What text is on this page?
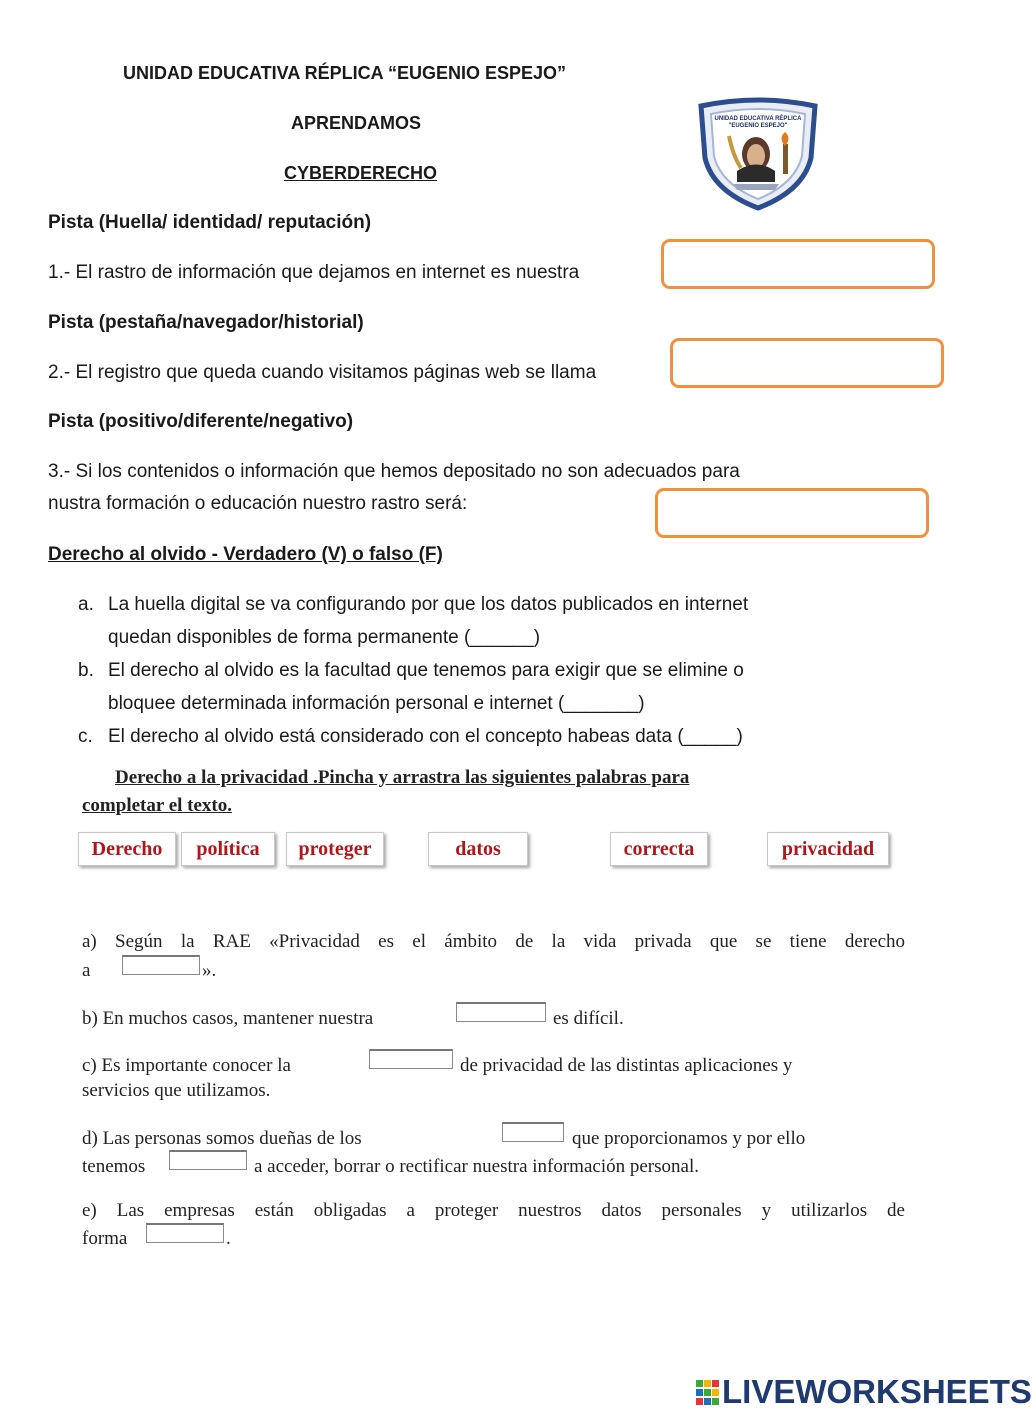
UNIDAD EDUCATIVA RÉPLICA “EUGENIO ESPEJO”
APRENDAMOS
CYBERDERECHO
UNIDAD EDUCATIVA RÉPLICA
"EUGENIO ESPEJO"
Pista (Huella/ identidad/ reputación)
1.- El rastro de información que dejamos en internet es nuestra
Pista (pestaña/navegador/historial)
2.- El registro que queda cuando visitamos páginas web se llama
Pista (positivo/diferente/negativo)
3.- Si los contenidos o información que hemos depositado no son adecuados para
nustra formación o educación nuestro rastro será:
Derecho al olvido - Verdadero (V) o falso (F)
a. La huella digital se va configurando por que los datos publicados en internet
quedan disponibles de forma permanente (______)
b. El derecho al olvido es la facultad que tenemos para exigir que se elimine o
bloquee determinada información personal e internet (_______)
c. El derecho al olvido está considerado con el concepto habeas data (_____)
Derecho a la privacidad .Pincha y arrastra las siguientes palabras para
completar el texto.
Derecho	política	proteger	datos	correcta	privacidad
a) Según la RAE «Privacidad es el ámbito de la vida privada que se tiene derecho
a	».
b) En muchos casos, mantener nuestra	es difícil.
c) Es importante conocer la	de privacidad de las distintas aplicaciones y
servicios que utilizamos.
d) Las personas somos dueñas de los	que proporcionamos y por ello
tenemos	a acceder, borrar o rectificar nuestra información personal.
e) Las empresas están obligadas a proteger nuestros datos personales y utilizarlos de
forma	.
LIVEWORKSHEETS
